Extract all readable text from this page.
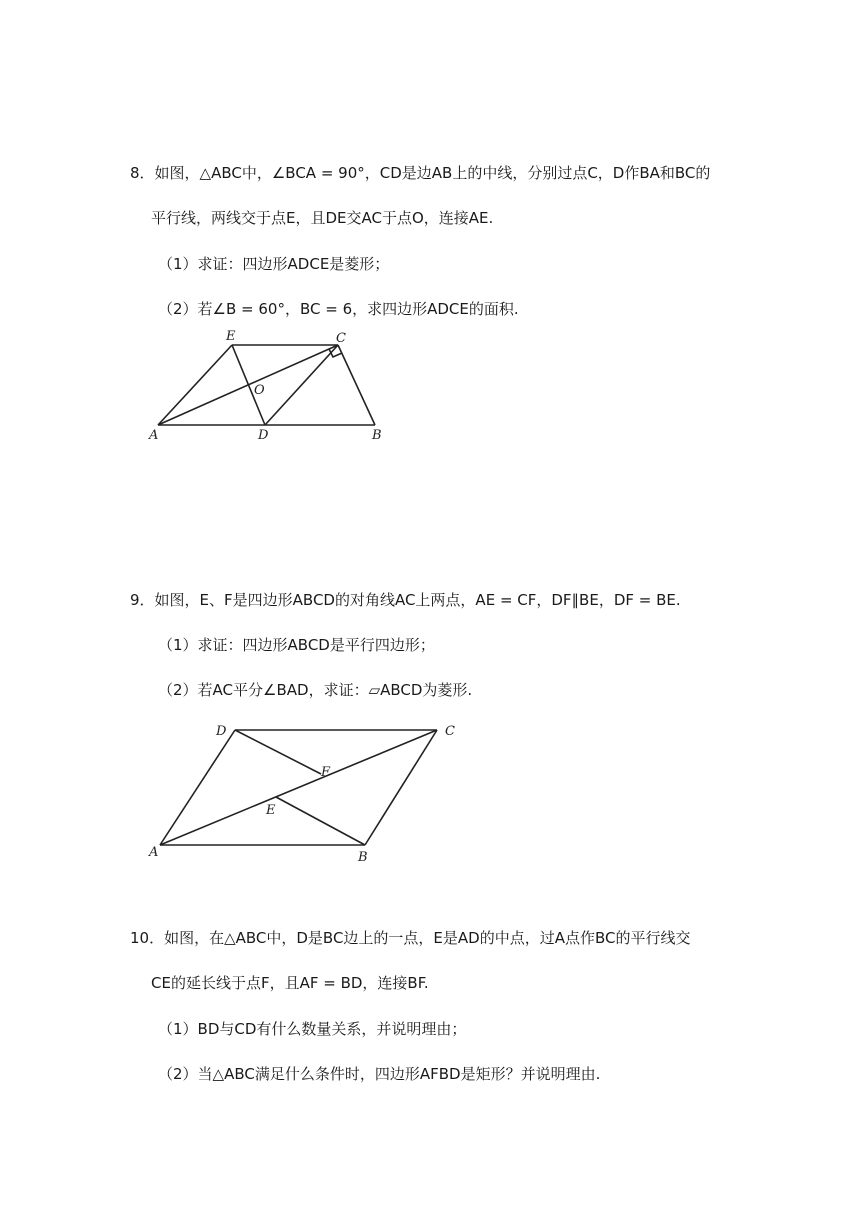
8．如图，△ABC中，∠BCA = 90°，CD是边AB上的中线，分别过点C，D作BA和BC的
平行线，两线交于点E，且DE交AC于点O，连接AE.
（1）求证：四边形ADCE是菱形；
（2）若∠B = 60°，BC = 6，求四边形ADCE的面积.
E	C
O
A	D	B
9．如图，E、F是四边形ABCD的对角线AC上两点，AE = CF，DF∥BE，DF = BE.
（1）求证：四边形ABCD是平行四边形；
（2）若AC平分∠BAD，求证：▱ABCD为菱形.
D	C
F
E
A	B
10．如图，在△ABC中，D是BC边上的一点，E是AD的中点，过A点作BC的平行线交
CE的延长线于点F，且AF = BD，连接BF.
（1）BD与CD有什么数量关系，并说明理由；
（2）当△ABC满足什么条件时，四边形AFBD是矩形？并说明理由.
